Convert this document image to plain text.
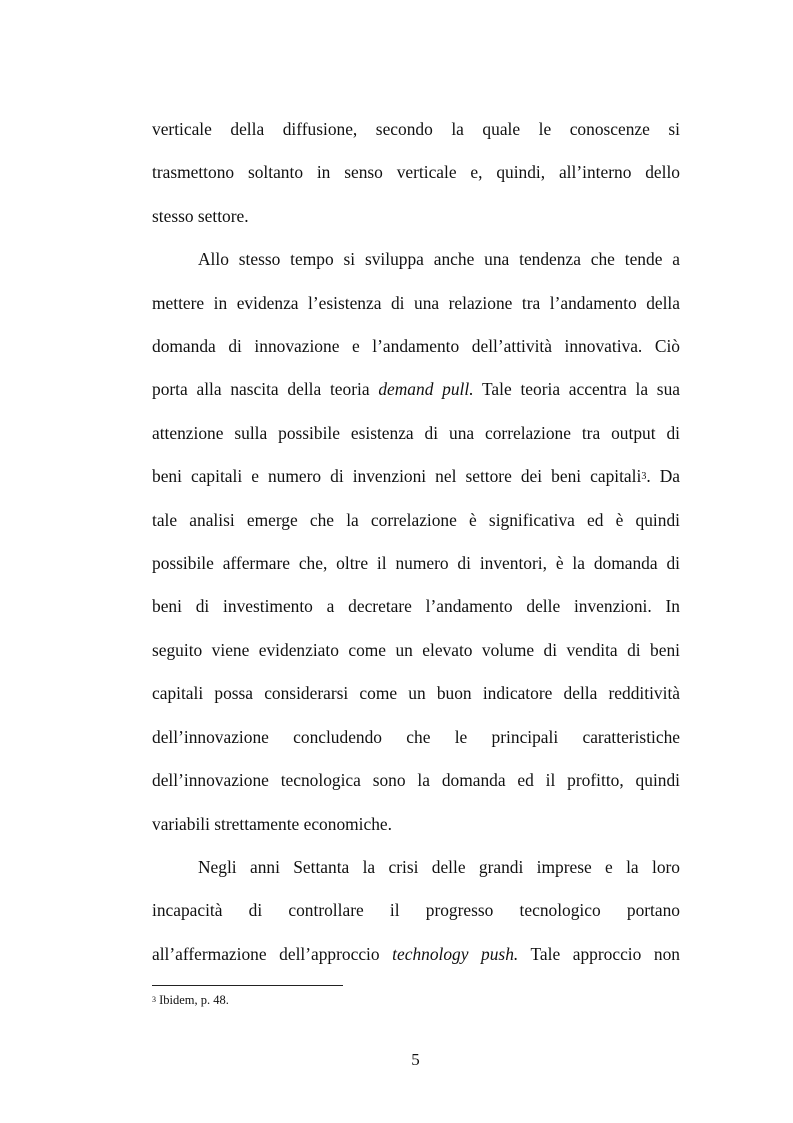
verticale della diffusione, secondo la quale le conoscenze si

trasmettono soltanto in senso verticale e, quindi, all’interno dello

stesso settore.

Allo stesso tempo si sviluppa anche una tendenza che tende a

mettere in evidenza l’esistenza di una relazione tra l’andamento della

domanda di innovazione e l’andamento dell’attività innovativa. Ciò

porta alla nascita della teoria demand pull. Tale teoria accentra la sua

attenzione sulla possibile esistenza di una correlazione tra output di

beni capitali e numero di invenzioni nel settore dei beni capitali$^3$. Da

tale analisi emerge che la correlazione è significativa ed è quindi

possibile affermare che, oltre il numero di inventori, è la domanda di

beni di investimento a decretare l’andamento delle invenzioni. In

seguito viene evidenziato come un elevato volume di vendita di beni

capitali possa considerarsi come un buon indicatore della redditività

dell’innovazione concludendo che le principali caratteristiche

dell’innovazione tecnologica sono la domanda ed il profitto, quindi

variabili strettamente economiche.

Negli anni Settanta la crisi delle grandi imprese e la loro

incapacità di controllare il progresso tecnologico portano

all’affermazione dell’approccio technology push. Tale approccio non

$^3$ Ibidem, p. 48.
5
